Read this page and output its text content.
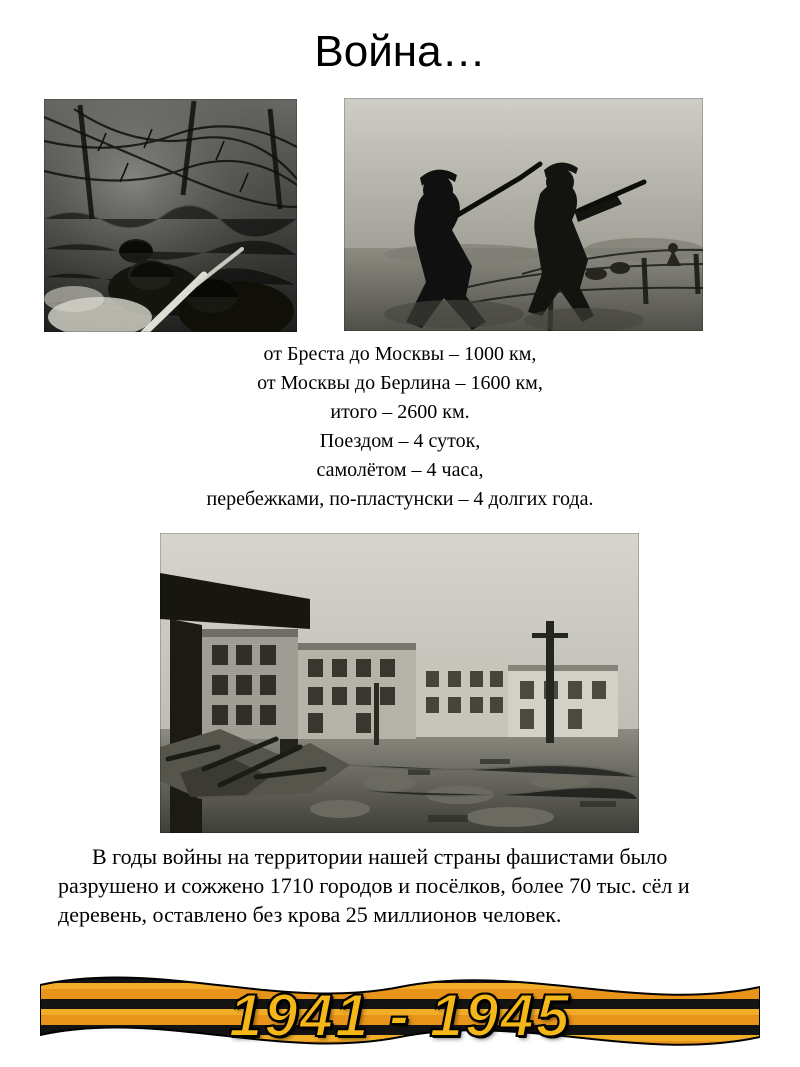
Война…
от Бреста до Москвы – 1000 км,
от Москвы до Берлина – 1600 км,
итого – 2600 км.
Поездом – 4 суток,
самолётом – 4 часа,
перебежками, по-пластунски – 4 долгих года.
В годы войны на территории нашей страны фашистами было разрушено и сожжено 1710 городов и посёлков, более 70 тыс. сёл и деревень, оставлено без крова 25 миллионов человек.
1941 - 1945
